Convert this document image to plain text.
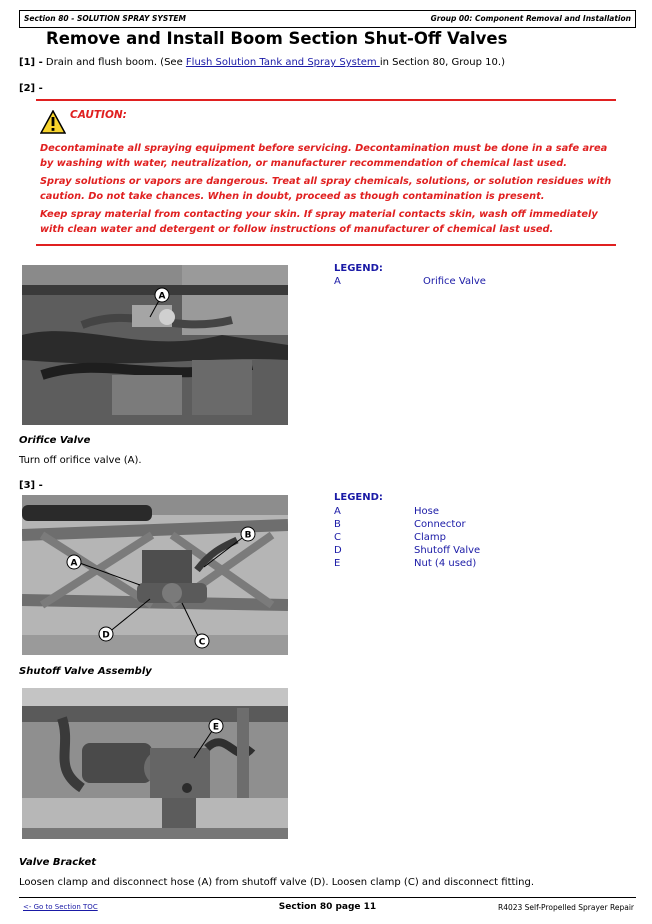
Section 80 - SOLUTION SPRAY SYSTEM	Group 00: Component Removal and Installation
Remove and Install Boom Section Shut-Off Valves
[1] - Drain and flush boom. (See Flush Solution Tank and Spray System in Section 80, Group 10.)
[2] -
CAUTION:
Decontaminate all spraying equipment before servicing. Decontamination must be done in a safe area by washing with water, neutralization, or manufacturer recommendation of chemical last used.
Spray solutions or vapors are dangerous. Treat all spray chemicals, solutions, or solution residues with caution. Do not take chances. When in doubt, proceed as though contamination is present.
Keep spray material from contacting your skin. If spray material contacts skin, wash off immediately with clean water and detergent or follow instructions of manufacturer of chemical last used.
A
LEGEND:
A	Orifice Valve
Orifice Valve
Turn off orifice valve (A).
[3] -
A
B
C
D
LEGEND:
A	Hose
B	Connector
C	Clamp
D	Shutoff Valve
E	Nut (4 used)
Shutoff Valve Assembly
E
Valve Bracket
Loosen clamp and disconnect hose (A) from shutoff valve (D). Loosen clamp (C) and disconnect fitting.
<- Go to Section TOC	Section 80 page 11	R4023 Self-Propelled Sprayer Repair
